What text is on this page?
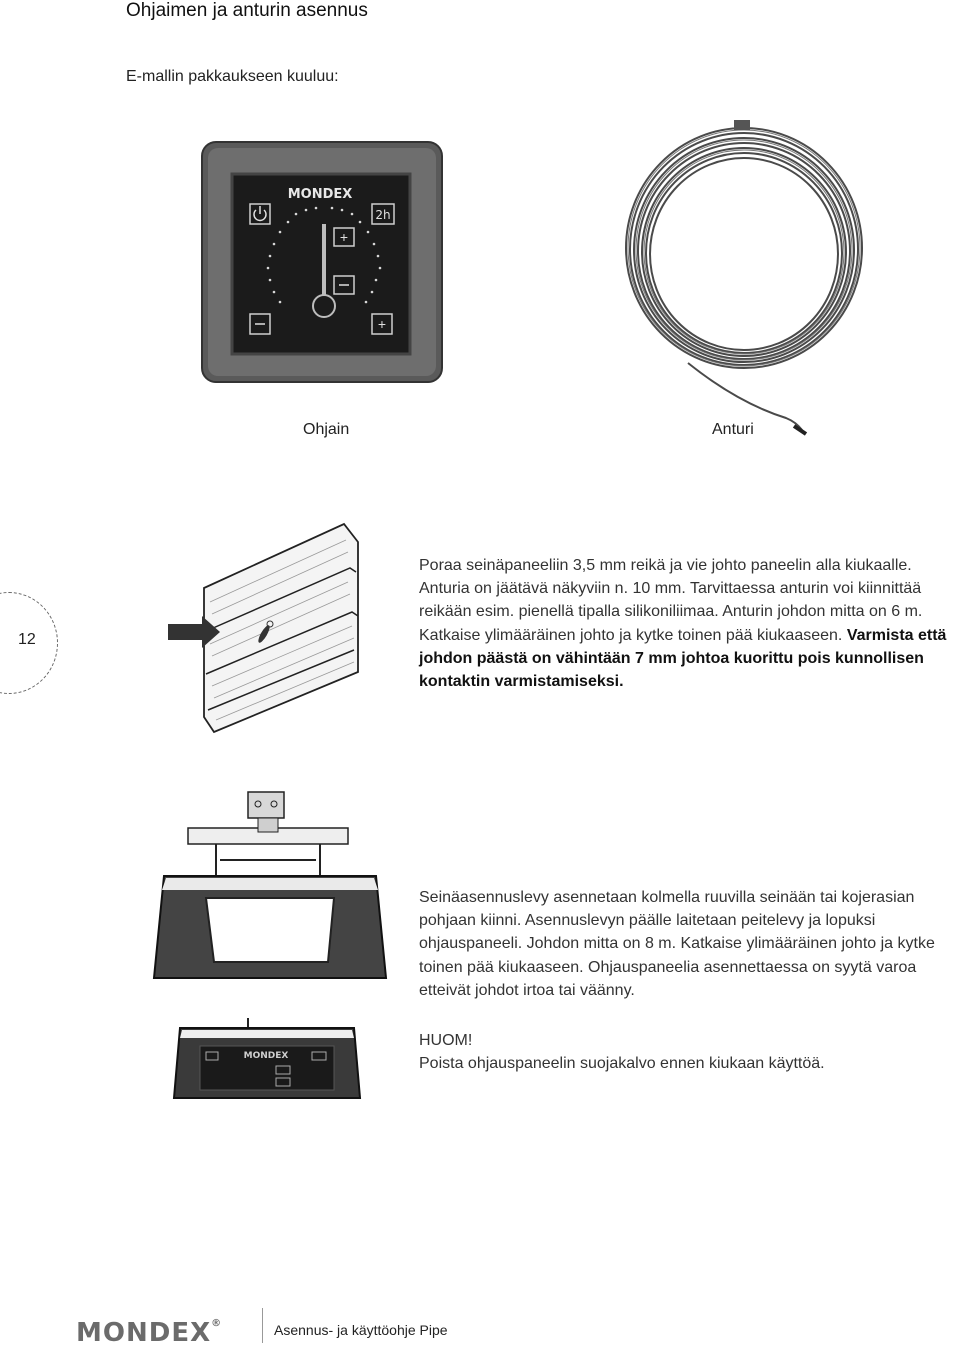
Ohjaimen ja anturin asennus
E-mallin pakkaukseen kuuluu:
MONDEX
2h
+
+
Ohjain	Anturi
12
Poraa seinäpaneeliin 3,5 mm reikä ja vie johto paneelin alla kiukaalle. Anturia on jäätävä näkyviin n. 10 mm. Tarvittaessa anturin voi kiinnittää reikään esim. pienellä tipalla silikoniliimaa. Anturin johdon mitta on 6 m. Katkaise ylimääräinen johto ja kytke toinen pää kiukaaseen. Varmista että johdon päästä on vähintään 7 mm johtoa kuorittu pois kunnollisen kontaktin varmistamiseksi.
MONDEX
Seinäasennuslevy asennetaan kolmella ruuvilla seinään tai kojerasian pohjaan kiinni. Asennuslevyn päälle laitetaan peitelevy ja lopuksi ohjauspaneeli. Johdon mitta on 8 m. Katkaise ylimääräinen johto ja kytke toinen pää kiukaaseen. Ohjauspaneelia asennettaessa on syytä varoa etteivät johdot irtoa tai väänny.
HUOM!
Poista ohjauspaneelin suojakalvo ennen kiukaan käyttöä.
MONDEX®	Asennus- ja käyttöohje Pipe
